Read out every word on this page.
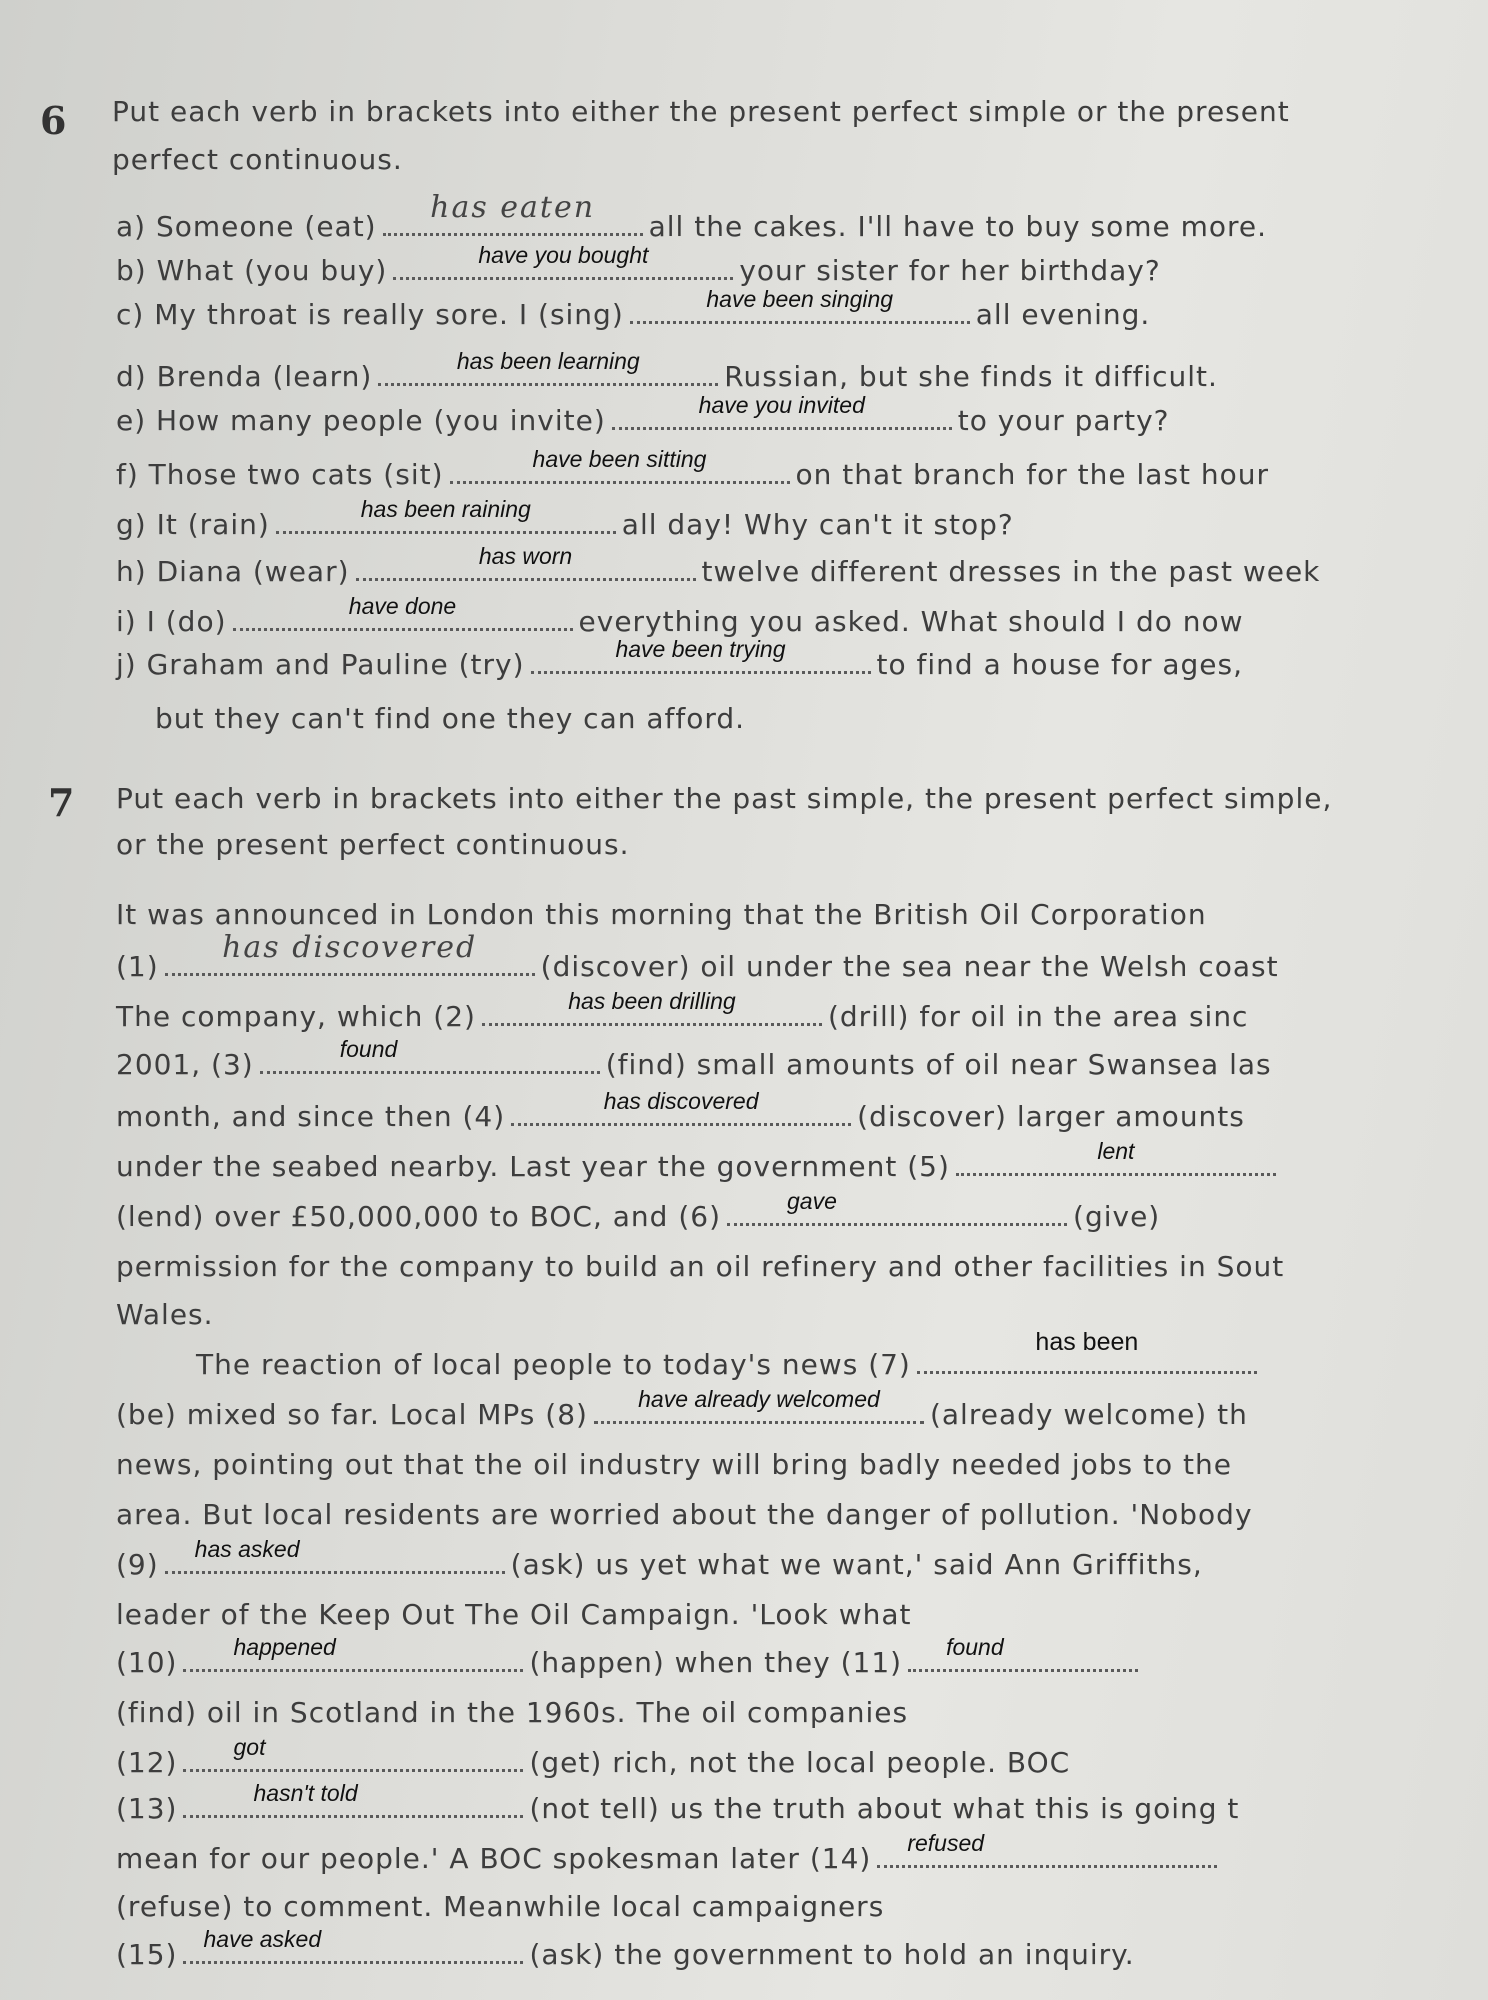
6 Put each verb in brackets into either the present perfect simple or the present
perfect continuous.
a) Someone (eat)
has eaten
all the cakes. I'll have to buy some more.
b) What (you buy)	have you bought	your sister for her birthday?
c) My throat is really sore. I (sing)	have been singing	all evening.
d) Brenda (learn)	has been learning	Russian, but she finds it difficult.
e) How many people (you invite)	have you invited	to your party?
f) Those two cats (sit)	have been sitting	on that branch for the last hour
g) It (rain)	has been raining	all day! Why can't it stop?
h) Diana (wear)	has worn	twelve different dresses in the past week
i) I (do)	have done	everything you asked. What should I do now
j) Graham and Pauline (try)	have been trying	to find a house for ages,
but they can't find one they can afford.
7 Put each verb in brackets into either the past simple, the present perfect simple,
or the present perfect continuous.
It was announced in London this morning that the British Oil Corporation
(1)
has discovered
(discover) oil under the sea near the Welsh coast
The company, which (2)	has been drilling	(drill) for oil in the area sinc
2001, (3)	found	(find) small amounts of oil near Swansea las
month, and since then (4)	has discovered	(discover) larger amounts
under the seabed nearby. Last year the government (5)	lent
(lend) over £50,000,000 to BOC, and (6)	gave	(give)
permission for the company to build an oil refinery and other facilities in Sout
Wales.
The reaction of local people to today's news (7)
has been
(be) mixed so far. Local MPs (8)	have already welcomed	(already welcome) th
news, pointing out that the oil industry will bring badly needed jobs to the
area. But local residents are worried about the danger of pollution. 'Nobody
(9)	has asked	(ask) us yet what we want,' said Ann Griffiths,
leader of the Keep Out The Oil Campaign. 'Look what
(10)	happened	(happen) when they (11)	found
(find) oil in Scotland in the 1960s. The oil companies
(12)	got	(get) rich, not the local people. BOC
(13)	hasn't told	(not tell) us the truth about what this is going t
mean for our people.' A BOC spokesman later (14)	refused
(refuse) to comment. Meanwhile local campaigners
(15)	have asked	(ask) the government to hold an inquiry.
